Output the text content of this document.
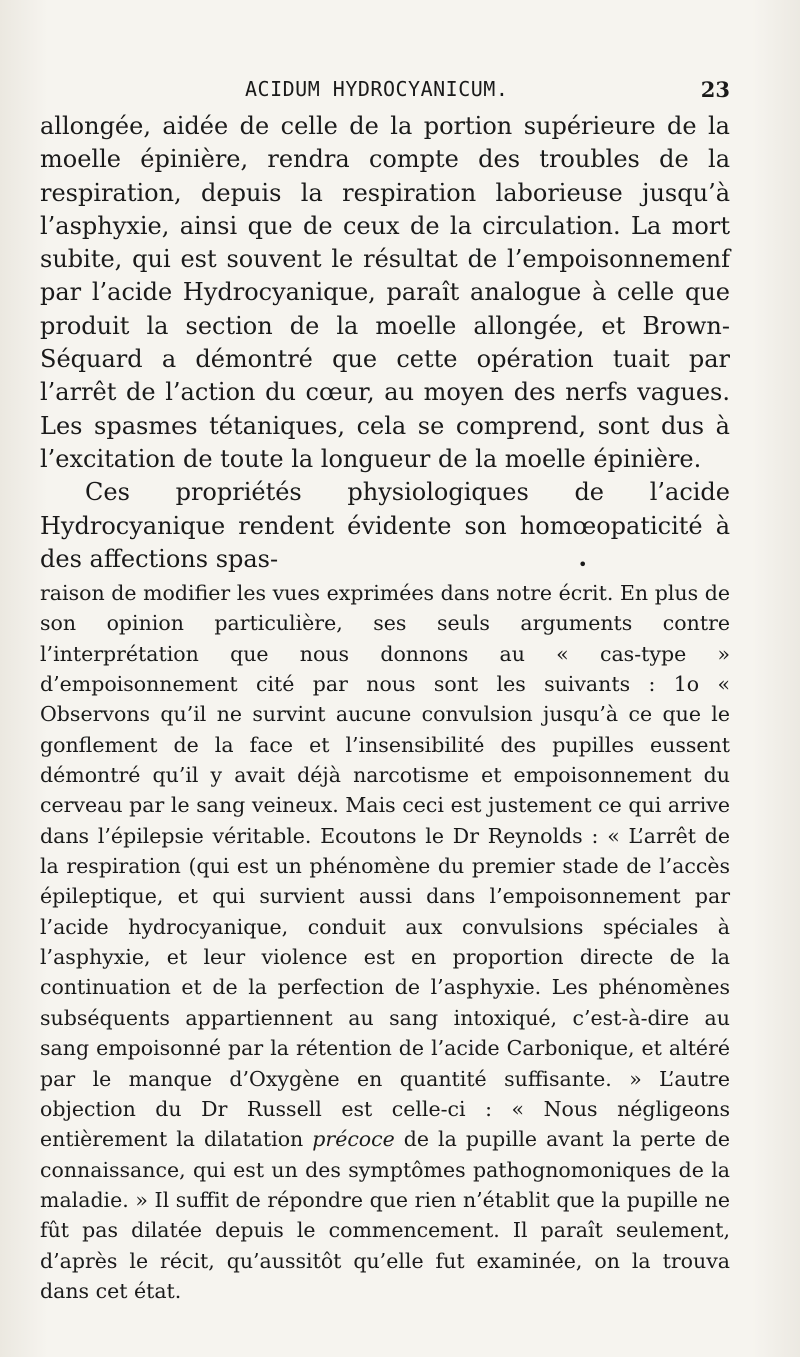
ACIDUM HYDROCYANICUM.	23

allongée, aidée de celle de la portion supérieure de la moelle épinière, rendra compte des troubles de la respiration, depuis la respiration laborieuse jusqu’à l’asphyxie, ainsi que de ceux de la circulation. La mort subite, qui est souvent le résultat de l’empoisonnemenf par l’acide Hydrocyanique, paraît analogue à celle que produit la section de la moelle allongée, et Brown-Séquard a démontré que cette opération tuait par l’arrêt de l’action du cœur, au moyen des nerfs vagues. Les spasmes tétaniques, cela se comprend, sont dus à l’excitation de toute la longueur de la moelle épinière.

Ces propriétés physiologiques de l’acide Hydrocyanique rendent évidente son homœopaticité à des affections spas-	•

raison de modifier les vues exprimées dans notre écrit. En plus de son opinion particulière, ses seuls arguments contre l’interprétation que nous donnons au « cas-type » d’empoisonnement cité par nous sont les suivants : 1o « Observons qu’il ne survint aucune convulsion jusqu’à ce que le gonflement de la face et l’insensibilité des pupilles eussent démontré qu’il y avait déjà narcotisme et empoisonnement du cerveau par le sang veineux. Mais ceci est justement ce qui arrive dans l’épilepsie véritable. Ecoutons le Dr Reynolds : « L’arrêt de la respiration (qui est un phénomène du premier stade de l’accès épileptique, et qui survient aussi dans l’empoisonnement par l’acide hydrocyanique, conduit aux convulsions spéciales à l’asphyxie, et leur violence est en proportion directe de la continuation et de la perfection de l’asphyxie. Les phénomènes subséquents appartiennent au sang intoxiqué, c’est-à-dire au sang empoisonné par la rétention de l’acide Carbonique, et altéré par le manque d’Oxygène en quantité suffisante. » L’autre objection du Dr Russell est celle-ci : « Nous négligeons entièrement la dilatation précoce de la pupille avant la perte de connaissance, qui est un des symptômes pathognomoniques de la maladie. » Il suffit de répondre que rien n’établit que la pupille ne fût pas dilatée depuis le commencement. Il paraît seulement, d’après le récit, qu’aussitôt qu’elle fut examinée, on la trouva dans cet état.
